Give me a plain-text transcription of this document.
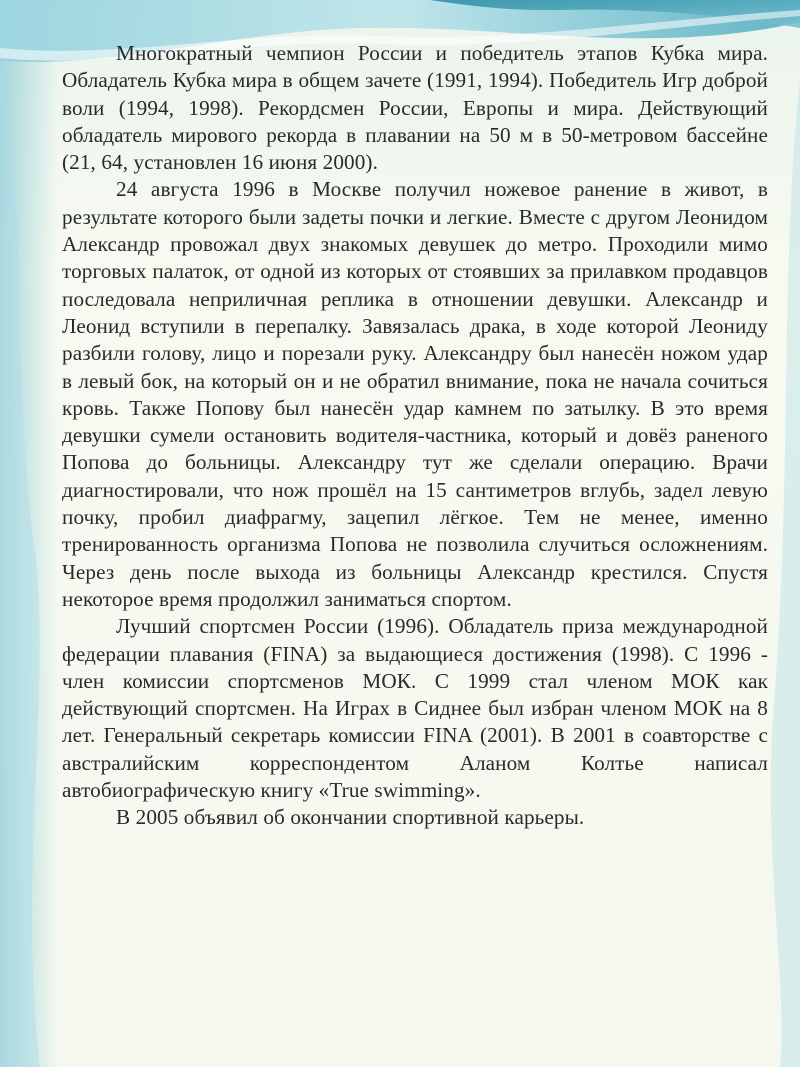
Многократный чемпион России и победитель этапов Кубка мира. Обладатель Кубка мира в общем зачете (1991, 1994). Победитель Игр доброй воли (1994, 1998). Рекордсмен России, Европы и мира. Действующий обладатель мирового рекорда в плавании на 50 м в 50-метровом бассейне (21, 64, установлен 16 июня 2000).

24 августа 1996 в Москве получил ножевое ранение в живот, в результате которого были задеты почки и легкие. Вместе с другом Леонидом Александр провожал двух знакомых девушек до метро. Проходили мимо торговых палаток, от одной из которых от стоявших за прилавком продавцов последовала неприличная реплика в отношении девушки. Александр и Леонид вступили в перепалку. Завязалась драка, в ходе которой Леониду разбили голову, лицо и порезали руку. Александру был нанесён ножом удар в левый бок, на который он и не обратил внимание, пока не начала сочиться кровь. Также Попову был нанесён удар камнем по затылку. В это время девушки сумели остановить водителя-частника, который и довёз раненого Попова до больницы. Александру тут же сделали операцию. Врачи диагностировали, что нож прошёл на 15 сантиметров вглубь, задел левую почку, пробил диафрагму, зацепил лёгкое. Тем не менее, именно тренированность организма Попова не позволила случиться осложнениям. Через день после выхода из больницы Александр крестился. Спустя некоторое время продолжил заниматься спортом.

Лучший спортсмен России (1996). Обладатель приза международной федерации плавания (FINA) за выдающиеся достижения (1998). С 1996 - член комиссии спортсменов МОК. С 1999 стал членом МОК как действующий спортсмен. На Играх в Сиднее был избран членом МОК на 8 лет. Генеральный секретарь комиссии FINA (2001). В 2001 в соавторстве с австралийским корреспондентом Аланом Колтье написал автобиографическую книгу «True swimming».

В 2005 объявил об окончании спортивной карьеры.
